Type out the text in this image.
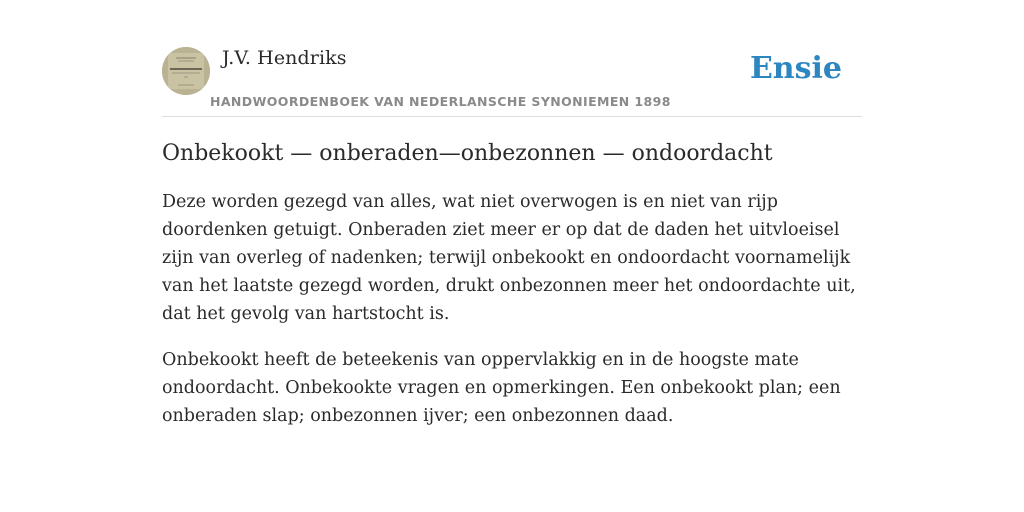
J.V. Hendriks
HANDWOORDENBOEK VAN NEDERLANSCHE SYNONIEMEN 1898
Ensie
Onbekookt — onberaden—onbezonnen — ondoordacht

Deze worden gezegd van alles, wat niet overwogen is en niet van rijp doordenken getuigt. Onberaden ziet meer er op dat de daden het uitvloeisel zijn van overleg of nadenken; terwijl onbekookt en ondoordacht voornamelijk van het laatste gezegd worden, drukt onbezonnen meer het ondoordachte uit, dat het gevolg van hartstocht is.

Onbekookt heeft de beteekenis van oppervlakkig en in de hoogste mate ondoordacht. Onbekookte vragen en opmerkingen. Een onbekookt plan; een onberaden slap; onbezonnen ijver; een onbezonnen daad.
